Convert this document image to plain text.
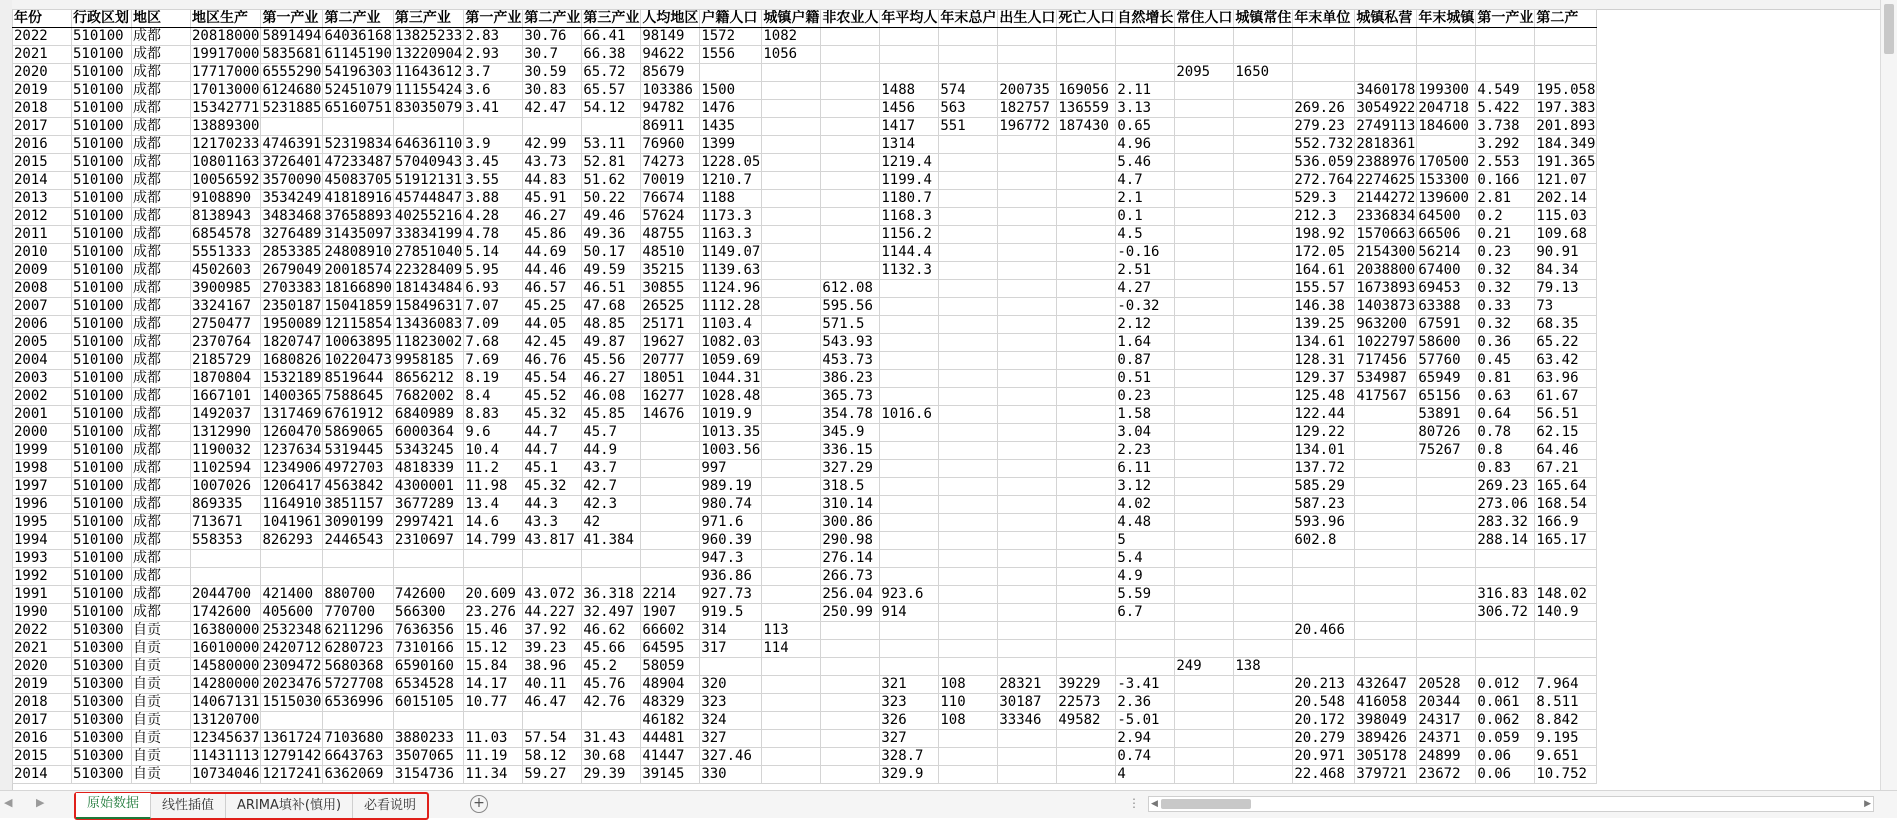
年份	行政区划	地区	地区生产	第一产业	第二产业	第三产业	第一产业	第二产业	第三产业	人均地区	户籍人口	城镇户籍	非农业人	年平均人	年末总户	出生人口	死亡人口	自然增长	常住人口	城镇常住	年末单位	城镇私营	年末城镇	第一产业	第二产
2022	510100	成都	20818000	5891494	64036168	13825233	2.83	30.76	66.41	98149	1572	1082													
2021	510100	成都	19917000	5835681	61145190	13220904	2.93	30.7	66.38	94622	1556	1056													
2020	510100	成都	17717000	6555290	54196303	11643612	3.7	30.59	65.72	85679									2095	1650					
2019	510100	成都	17013000	6124680	52451079	11155424	3.6	30.83	65.57	103386	1500			1488	574	200735	169056	2.11				3460178	199300	4.549	195.058
2018	510100	成都	15342771	5231885	65160751	83035079	3.41	42.47	54.12	94782	1476			1456	563	182757	136559	3.13			269.26	3054922	204718	5.422	197.383
2017	510100	成都	13889300							86911	1435			1417	551	196772	187430	0.65			279.23	2749113	184600	3.738	201.893
2016	510100	成都	12170233	4746391	52319834	64636110	3.9	42.99	53.11	76960	1399			1314				4.96			552.732	2818361		3.292	184.349
2015	510100	成都	10801163	3726401	47233487	57040943	3.45	43.73	52.81	74273	1228.05			1219.4				5.46			536.059	2388976	170500	2.553	191.365
2014	510100	成都	10056592	3570090	45083705	51912131	3.55	44.83	51.62	70019	1210.7			1199.4				4.7			272.764	2274625	153300	0.166	121.07
2013	510100	成都	9108890	3534249	41818916	45744847	3.88	45.91	50.22	76674	1188			1180.7				2.1			529.3	2144272	139600	2.81	202.14
2012	510100	成都	8138943	3483468	37658893	40255216	4.28	46.27	49.46	57624	1173.3			1168.3				0.1			212.3	2336834	64500	0.2	115.03
2011	510100	成都	6854578	3276489	31435097	33834199	4.78	45.86	49.36	48755	1163.3			1156.2				4.5			198.92	1570663	66506	0.21	109.68
2010	510100	成都	5551333	2853385	24808910	27851040	5.14	44.69	50.17	48510	1149.07			1144.4				-0.16			172.05	2154300	56214	0.23	90.91
2009	510100	成都	4502603	2679049	20018574	22328409	5.95	44.46	49.59	35215	1139.63			1132.3				2.51			164.61	2038800	67400	0.32	84.34
2008	510100	成都	3900985	2703383	18166890	18143484	6.93	46.57	46.51	30855	1124.96		612.08					4.27			155.57	1673893	69453	0.32	79.13
2007	510100	成都	3324167	2350187	15041859	15849631	7.07	45.25	47.68	26525	1112.28		595.56					-0.32			146.38	1403873	63388	0.33	73
2006	510100	成都	2750477	1950089	12115854	13436083	7.09	44.05	48.85	25171	1103.4		571.5					2.12			139.25	963200	67591	0.32	68.35
2005	510100	成都	2370764	1820747	10063895	11823002	7.68	42.45	49.87	19627	1082.03		543.93					1.64			134.61	1022797	58600	0.36	65.22
2004	510100	成都	2185729	1680826	10220473	9958185	7.69	46.76	45.56	20777	1059.69		453.73					0.87			128.31	717456	57760	0.45	63.42
2003	510100	成都	1870804	1532189	8519644	8656212	8.19	45.54	46.27	18051	1044.31		386.23					0.51			129.37	534987	65949	0.81	63.96
2002	510100	成都	1667101	1400365	7588645	7682002	8.4	45.52	46.08	16277	1028.48		365.73					0.23			125.48	417567	65156	0.63	61.67
2001	510100	成都	1492037	1317469	6761912	6840989	8.83	45.32	45.85	14676	1019.9		354.78	1016.6				1.58			122.44		53891	0.64	56.51
2000	510100	成都	1312990	1260470	5869065	6000364	9.6	44.7	45.7		1013.35		345.9					3.04			129.22		80726	0.78	62.15
1999	510100	成都	1190032	1237634	5319445	5343245	10.4	44.7	44.9		1003.56		336.15					2.23			134.01		75267	0.8	64.46
1998	510100	成都	1102594	1234906	4972703	4818339	11.2	45.1	43.7		997		327.29					6.11			137.72			0.83	67.21
1997	510100	成都	1007026	1206417	4563842	4300001	11.98	45.32	42.7		989.19		318.5					3.12			585.29			269.23	165.64
1996	510100	成都	869335	1164910	3851157	3677289	13.4	44.3	42.3		980.74		310.14					4.02			587.23			273.06	168.54
1995	510100	成都	713671	1041961	3090199	2997421	14.6	43.3	42		971.6		300.86					4.48			593.96			283.32	166.9
1994	510100	成都	558353	826293	2446543	2310697	14.799	43.817	41.384		960.39		290.98					5			602.8			288.14	165.17
1993	510100	成都									947.3		276.14					5.4							
1992	510100	成都									936.86		266.73					4.9							
1991	510100	成都	2044700	421400	880700	742600	20.609	43.072	36.318	2214	927.73		256.04	923.6				5.59						316.83	148.02
1990	510100	成都	1742600	405600	770700	566300	23.276	44.227	32.497	1907	919.5		250.99	914				6.7						306.72	140.9
2022	510300	自贡	16380000	2532348	6211296	7636356	15.46	37.92	46.62	66602	314	113									20.466				
2021	510300	自贡	16010000	2420712	6280723	7310166	15.12	39.23	45.66	64595	317	114													
2020	510300	自贡	14580000	2309472	5680368	6590160	15.84	38.96	45.2	58059									249	138					
2019	510300	自贡	14280000	2023476	5727708	6534528	14.17	40.11	45.76	48904	320			321	108	28321	39229	-3.41			20.213	432647	20528	0.012	7.964
2018	510300	自贡	14067131	1515030	6536996	6015105	10.77	46.47	42.76	48329	323			323	110	30187	22573	2.36			20.548	416058	20344	0.061	8.511
2017	510300	自贡	13120700							46182	324			326	108	33346	49582	-5.01			20.172	398049	24317	0.062	8.842
2016	510300	自贡	12345637	1361724	7103680	3880233	11.03	57.54	31.43	44481	327			327				2.94			20.279	389426	24371	0.059	9.195
2015	510300	自贡	11431113	1279142	6643763	3507065	11.19	58.12	30.68	41447	327.46			328.7				0.74			20.971	305178	24899	0.06	9.651
2014	510300	自贡	10734046	1217241	6362069	3154736	11.34	59.27	29.39	39145	330			329.9				4			22.468	379721	23672	0.06	10.752
◀ ▶	原始数据	线性插值	ARIMA填补(慎用)	必看说明	+	⋮ ◀	▶
